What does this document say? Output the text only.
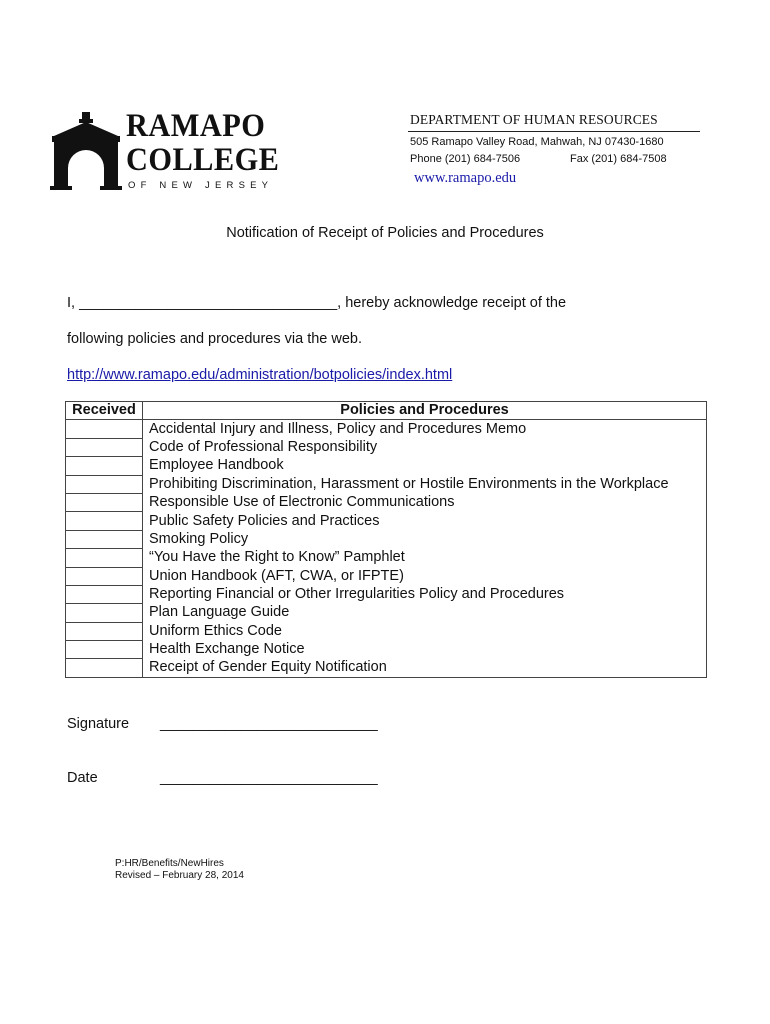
RAMAPO
COLLEGE
OF NEW JERSEY
DEPARTMENT OF HUMAN RESOURCES
505 Ramapo Valley Road, Mahwah, NJ 07430-1680
Phone (201) 684-7506	Fax (201) 684-7508
www.ramapo.edu
Notification of Receipt of Policies and Procedures
I, ________________________________, hereby acknowledge receipt of the
following policies and procedures via the web.
http://www.ramapo.edu/administration/botpolicies/index.html
Received	Policies and Procedures
	Accidental Injury and Illness, Policy and Procedures Memo
	Code of Professional Responsibility
	Employee Handbook
	Prohibiting Discrimination, Harassment or Hostile Environments in the Workplace
	Responsible Use of Electronic Communications
	Public Safety Policies and Practices
	Smoking Policy
	“You Have the Right to Know” Pamphlet
	Union Handbook (AFT, CWA, or IFPTE)
	Reporting Financial or Other Irregularities Policy and Procedures
	Plan Language Guide
	Uniform Ethics Code
	Health Exchange Notice
	Receipt of Gender Equity Notification
Signature ___________________________
Date	___________________________
P:HR/Benefits/NewHires
Revised – February 28, 2014
